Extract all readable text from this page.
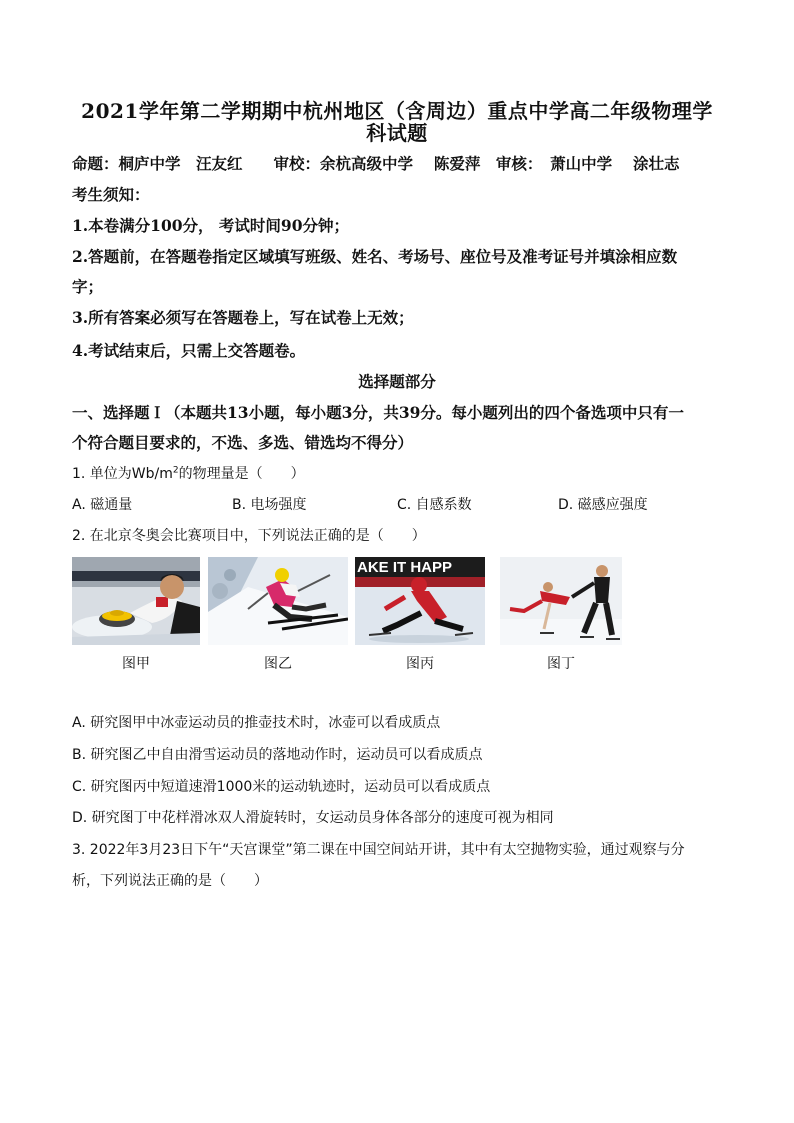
2021学年第二学期期中杭州地区（含周边）重点中学高二年级物理学
科试题
命题：桐庐中学　汪友红　　审校：余杭高级中学　 陈爱萍　审核：　萧山中学　 涂壮志
考生须知：
1.本卷满分100分， 考试时间90分钟；
2.答题前，在答题卷指定区域填写班级、姓名、考场号、座位号及准考证号并填涂相应数
字；
3.所有答案必须写在答题卷上，写在试卷上无效；
4.考试结束后，只需上交答题卷。
选择题部分
一、选择题Ｉ（本题共13小题，每小题3分，共39分。每小题列出的四个备选项中只有一
个符合题目要求的，不选、多选、错选均不得分）
1. 单位为$Wb/m^2$的物理量是（　　）
A. 磁通量	B. 电场强度	C. 自感系数	D. 磁感应强度
2. 在北京冬奥会比赛项目中，下列说法正确的是（　　）
AKE IT HAPP
图甲	图乙	图丙	图丁
A. 研究图甲中冰壶运动员的推壶技术时，冰壶可以看成质点
B. 研究图乙中自由滑雪运动员的落地动作时，运动员可以看成质点
C. 研究图丙中短道速滑1000米的运动轨迹时，运动员可以看成质点
D. 研究图丁中花样滑冰双人滑旋转时，女运动员身体各部分的速度可视为相同
3. 2022年3月23日下午“天宫课堂”第二课在中国空间站开讲，其中有太空抛物实验，通过观察与分
析，下列说法正确的是（　　）
